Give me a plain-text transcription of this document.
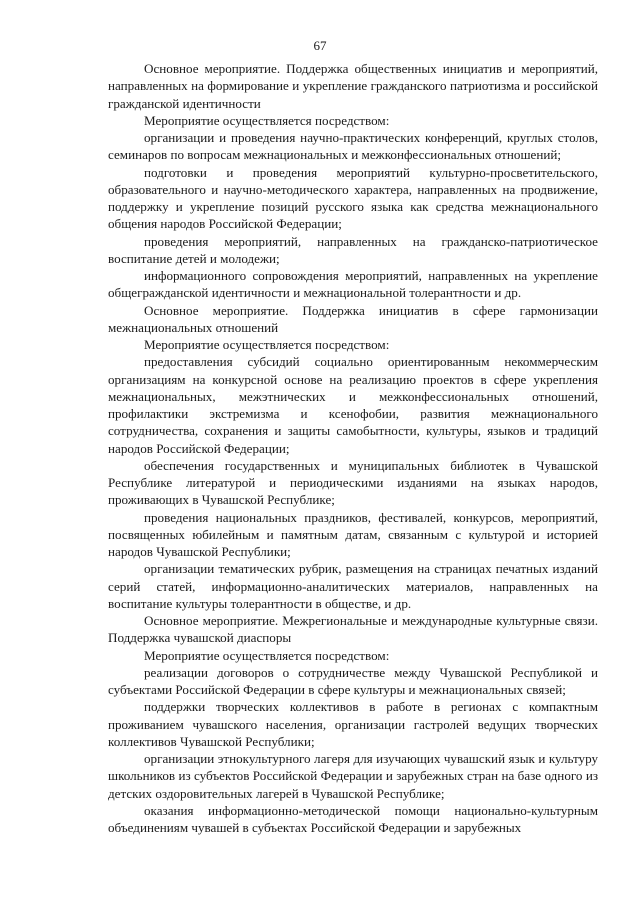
67

Основное мероприятие. Поддержка общественных инициатив и мероприятий, направленных на формирование и укрепление гражданского патриотизма и российской гражданской идентичности

Мероприятие осуществляется посредством:

организации и проведения научно-практических конференций, круглых столов, семинаров по вопросам межнациональных и межконфессиональных отношений;

подготовки и проведения мероприятий культурно-просветительского, образовательного и научно-методического характера, направленных на продвижение, поддержку и укрепление позиций русского языка как средства межнационального общения народов Российской Федерации;

проведения мероприятий, направленных на гражданско-патриотическое воспитание детей и молодежи;

информационного сопровождения мероприятий, направленных на укрепление общегражданской идентичности и межнациональной толерантности и др.

Основное мероприятие. Поддержка инициатив в сфере гармонизации межнациональных отношений

Мероприятие осуществляется посредством:

предоставления субсидий социально ориентированным некоммерческим организациям на конкурсной основе на реализацию проектов в сфере укрепления межнациональных, межэтнических и межконфессиональных отношений, профилактики экстремизма и ксенофобии, развития межнационального сотрудничества, сохранения и защиты самобытности, культуры, языков и традиций народов Российской Федерации;

обеспечения государственных и муниципальных библиотек в Чувашской Республике литературой и периодическими изданиями на языках народов, проживающих в Чувашской Республике;

проведения национальных праздников, фестивалей, конкурсов, мероприятий, посвященных юбилейным и памятным датам, связанным с культурой и историей народов Чувашской Республики;

организации тематических рубрик, размещения на страницах печатных изданий серий статей, информационно-аналитических материалов, направленных на воспитание культуры толерантности в обществе, и др.

Основное мероприятие. Межрегиональные и международные культурные связи. Поддержка чувашской диаспоры

Мероприятие осуществляется посредством:

реализации договоров о сотрудничестве между Чувашской Республикой и субъектами Российской Федерации в сфере культуры и межнациональных связей;

поддержки творческих коллективов в работе в регионах с компактным проживанием чувашского населения, организации гастролей ведущих творческих коллективов Чувашской Республики;

организации этнокультурного лагеря для изучающих чувашский язык и культуру школьников из субъектов Российской Федерации и зарубежных стран на базе одного из детских оздоровительных лагерей в Чувашской Республике;

оказания информационно-методической помощи национально-культурным объединениям чувашей в субъектах Российской Федерации и зарубежных
